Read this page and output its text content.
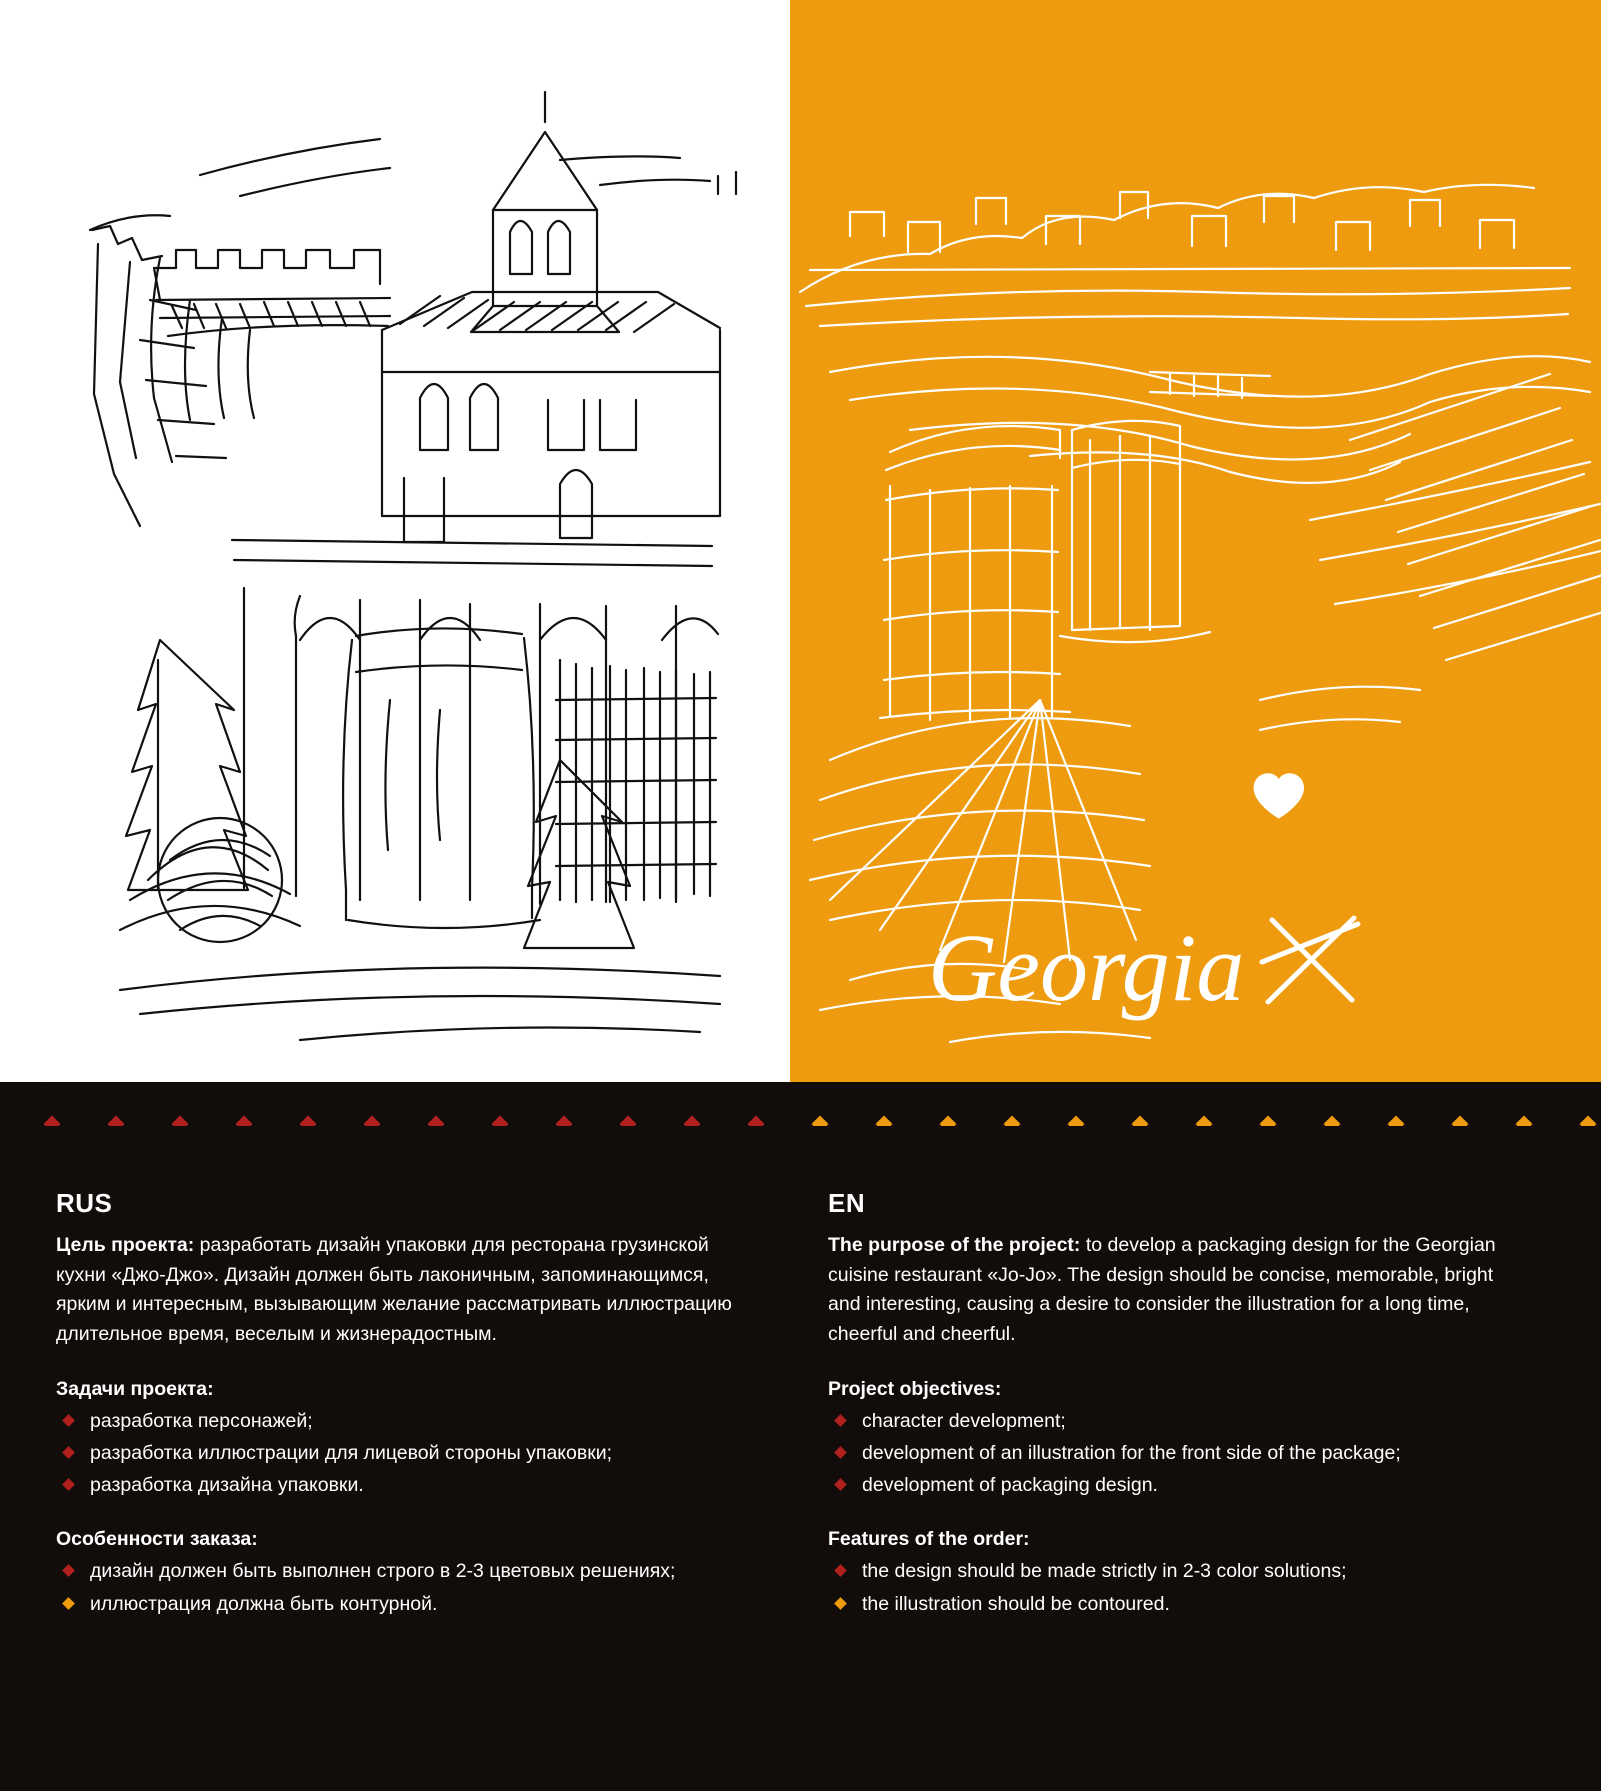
Georgia
RUS

Цель проекта: разработать дизайн упаковки для ресторана грузинской кухни «Джо-Джо». Дизайн должен быть лаконичным, запоминающимся, ярким и интересным, вызывающим желание рассматривать иллюстрацию длительное время, веселым и жизнерадостным.

Задачи проекта:
разработка персонажей;
разработка иллюстрации для лицевой стороны упаковки;
разработка дизайна упаковки.
Особенности заказа:
дизайн должен быть выполнен строго в 2-3 цветовых решениях;
иллюстрация должна быть контурной.
EN

The purpose of the project: to develop a packaging design for the Georgian cuisine restaurant «Jo-Jo». The design should be concise, memorable, bright and interesting, causing a desire to consider the illustration for a long time, cheerful and cheerful.

Project objectives:
character development;
development of an illustration for the front side of the package;
development of packaging design.
Features of the order:
the design should be made strictly in 2-3 color solutions;
the illustration should be contoured.
